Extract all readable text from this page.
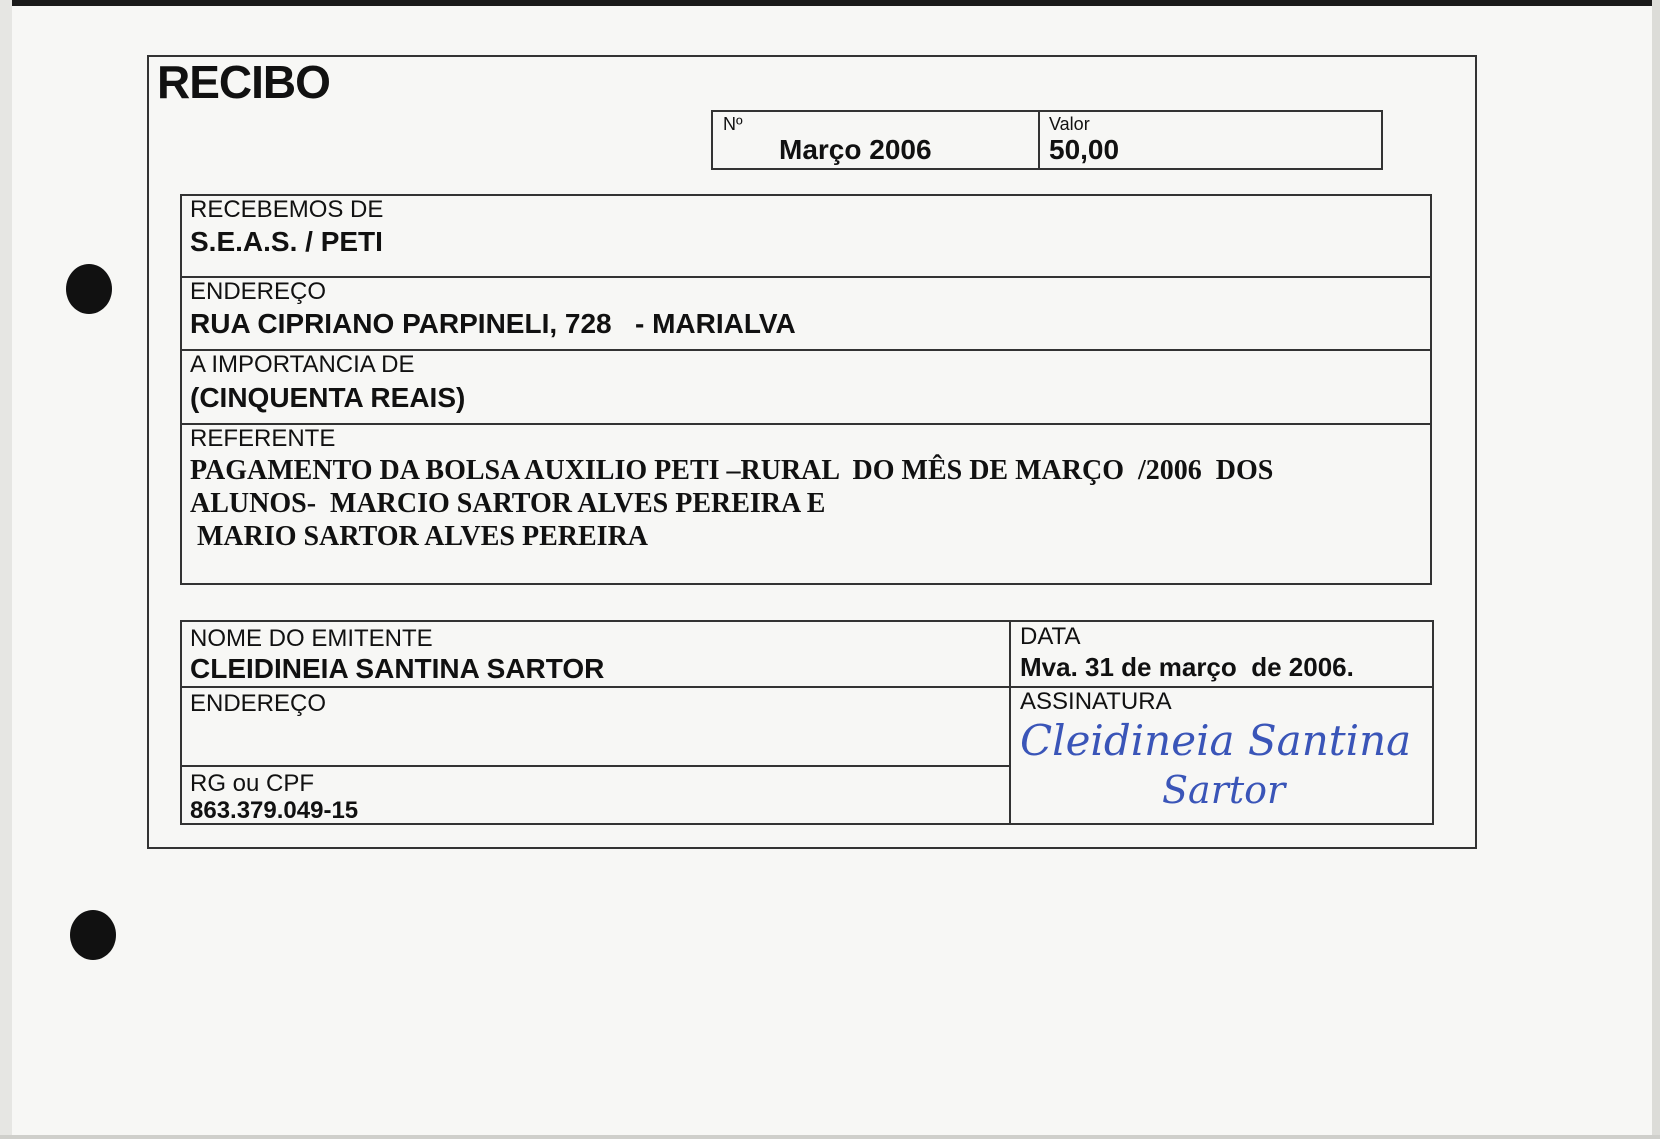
RECIBO
Nº
Março 2006
Valor
50,00
RECEBEMOS DE
S.E.A.S. / PETI
ENDEREÇO
RUA CIPRIANO PARPINELI, 728   - MARIALVA
A IMPORTANCIA DE
(CINQUENTA REAIS)
REFERENTE
PAGAMENTO DA BOLSA AUXILIO PETI –RURAL  DO MÊS DE MARÇO  /2006  DOS
ALUNOS-  MARCIO SARTOR ALVES PEREIRA E
MARIO SARTOR ALVES PEREIRA
NOME DO EMITENTE
CLEIDINEIA SANTINA SARTOR
ENDEREÇO
RG ou CPF
863.379.049-15
DATA
Mva. 31 de março  de 2006.
ASSINATURA
Cleidineia Santina
Sartor
